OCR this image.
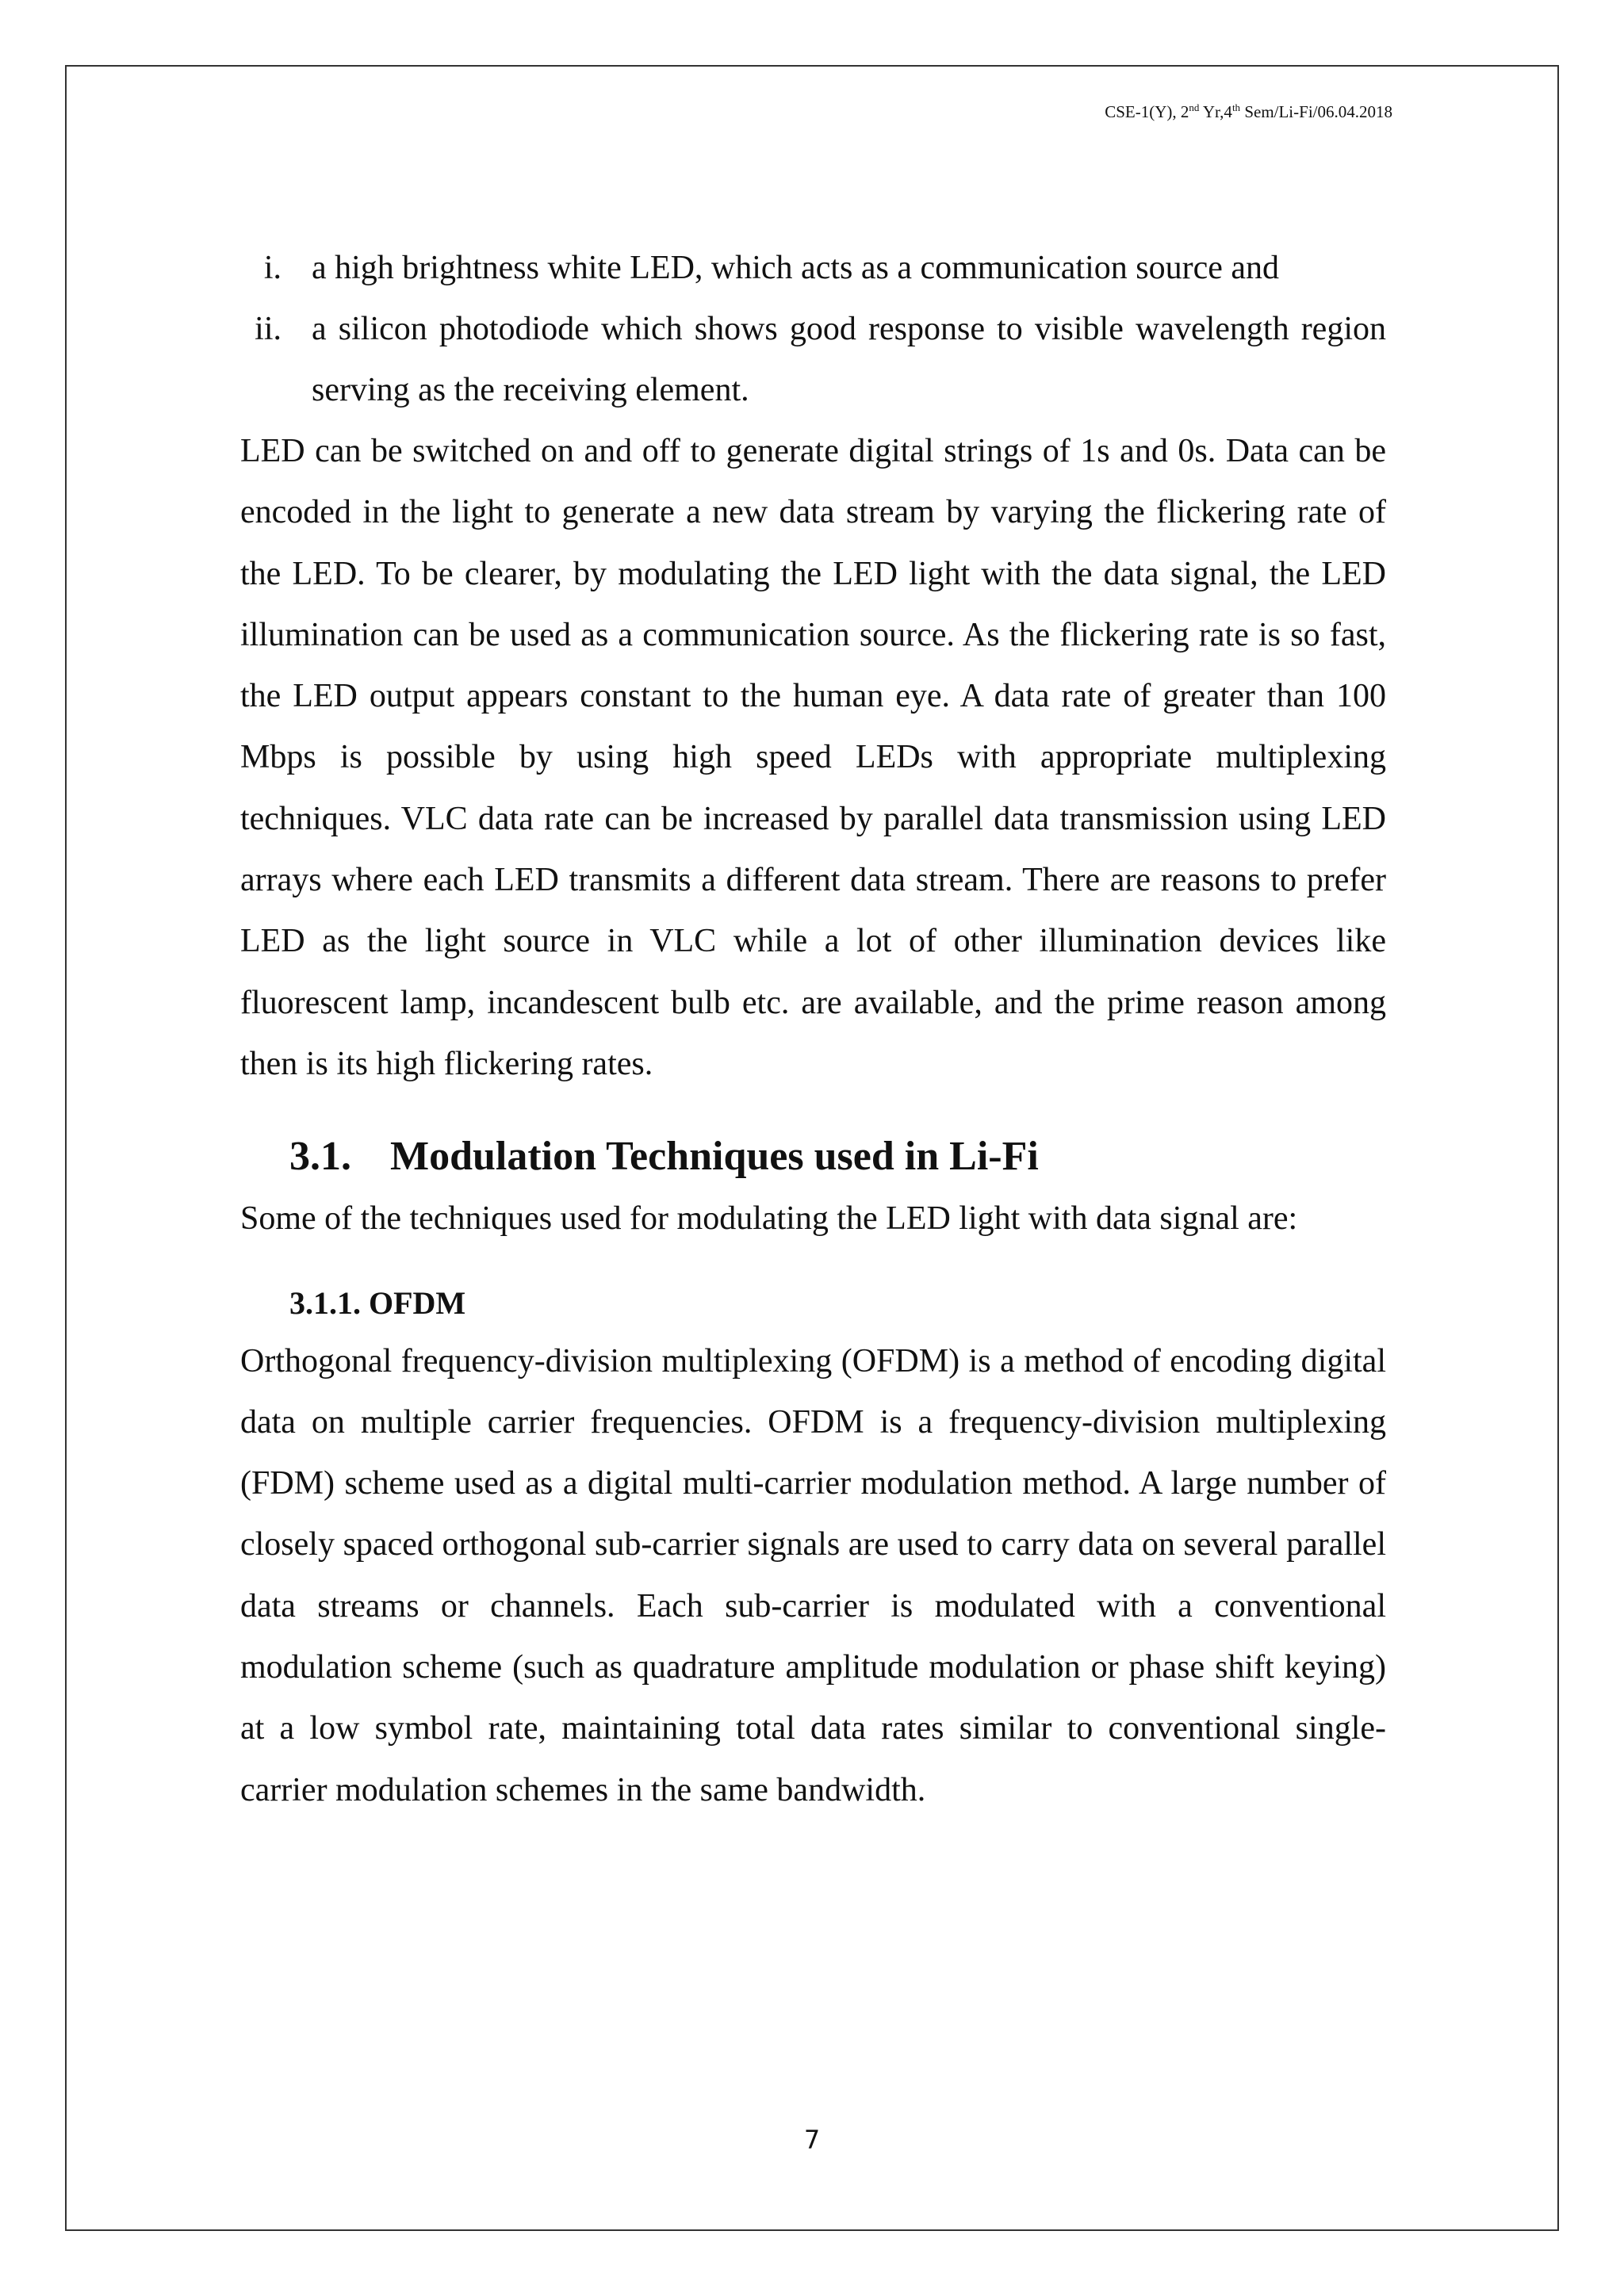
CSE-1(Y), 2nd Yr,4th Sem/Li-Fi/06.04.2018
i. a high brightness white LED, which acts as a communication source and
ii. a silicon photodiode which shows good response to visible wavelength region serving as the receiving element.

LED can be switched on and off to generate digital strings of 1s and 0s. Data can be encoded in the light to generate a new data stream by varying the flickering rate of the LED. To be clearer, by modulating the LED light with the data signal, the LED illumination can be used as a communication source. As the flickering rate is so fast, the LED output appears constant to the human eye. A data rate of greater than 100 Mbps is possible by using high speed LEDs with appropriate multiplexing techniques. VLC data rate can be increased by parallel data transmission using LED arrays where each LED transmits a different data stream. There are reasons to prefer LED as the light source in VLC while a lot of other illumination devices like fluorescent lamp, incandescent bulb etc. are available, and the prime reason among then is its high flickering rates.

3.1. Modulation Techniques used in Li-Fi

Some of the techniques used for modulating the LED light with data signal are:

3.1.1. OFDM

Orthogonal frequency-division multiplexing (OFDM) is a method of encoding digital data on multiple carrier frequencies. OFDM is a frequency-division multiplexing (FDM) scheme used as a digital multi-carrier modulation method. A large number of closely spaced orthogonal sub-carrier signals are used to carry data on several parallel data streams or channels. Each sub-carrier is modulated with a conventional modulation scheme (such as quadrature amplitude modulation or phase shift keying) at a low symbol rate, maintaining total data rates similar to conventional single-carrier modulation schemes in the same bandwidth.

7
